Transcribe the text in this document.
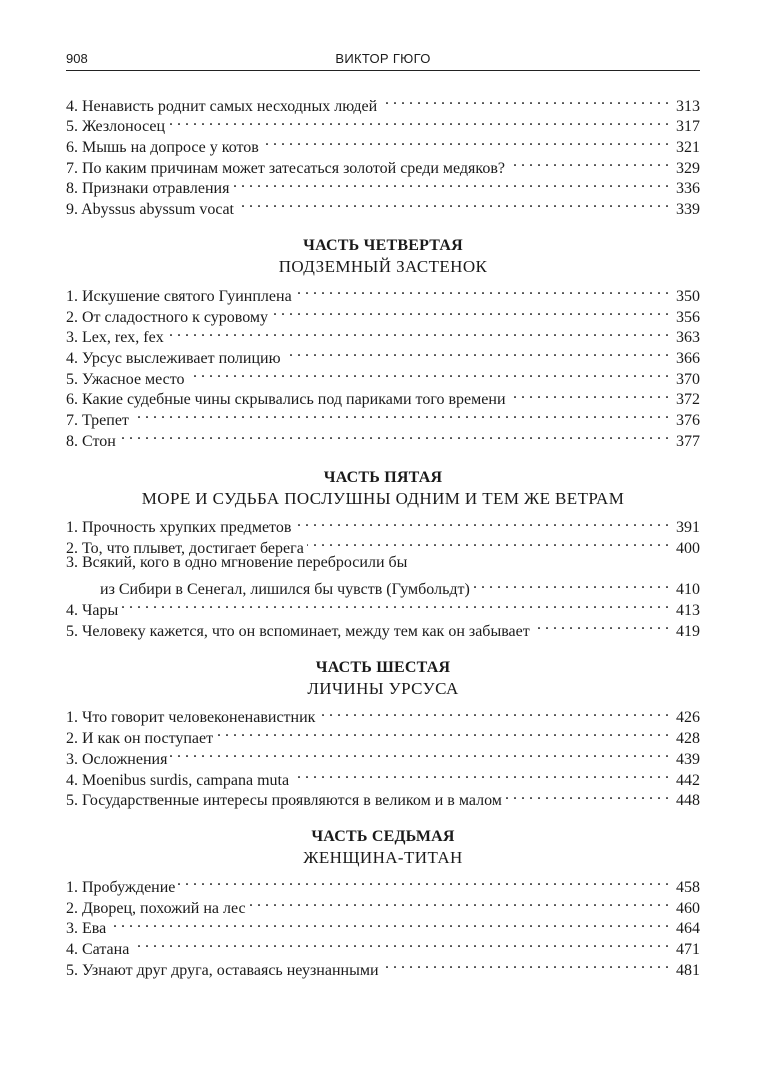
908	ВИКТОР ГЮГО
4. Ненависть роднит самых несходных людей . . .	313
5. Жезлоносец . . .	317
6. Мышь на допросе у котов . . .	321
7. По каким причинам может затесаться золотой среди медяков? . . .	329
8. Признаки отравления . . .	336
9. Abyssus abyssum vocat . . .	339
ЧАСТЬ ЧЕТВЕРТАЯ
ПОДЗЕМНЫЙ ЗАСТЕНОК
1. Искушение святого Гуинплена . . .	350
2. От сладостного к суровому . . .	356
3. Lex, rex, fex . . .	363
4. Урсус выслеживает полицию . . .	366
5. Ужасное место . . .	370
6. Какие судебные чины скрывались под париками того времени . . .	372
7. Трепет . . .	376
8. Стон . . .	377
ЧАСТЬ ПЯТАЯ
МОРЕ И СУДЬБА ПОСЛУШНЫ ОДНИМ И ТЕМ ЖЕ ВЕТРАМ
1. Прочность хрупких предметов . . .	391
2. То, что плывет, достигает берега . . .	400
3. Всякий, кого в одно мгновение перебросили бы
из Сибири в Сенегал, лишился бы чувств (Гумбольдт) . . .	410
4. Чары . . .	413
5. Человеку кажется, что он вспоминает, между тем как он забывает . . .	419
ЧАСТЬ ШЕСТАЯ
ЛИЧИНЫ УРСУСА
1. Что говорит человеконенавистник . . .	426
2. И как он поступает . . .	428
3. Осложнения . . .	439
4. Moenibus surdis, campana muta . . .	442
5. Государственные интересы проявляются в великом и в малом . . .	448
ЧАСТЬ СЕДЬМАЯ
ЖЕНЩИНА-ТИТАН
1. Пробуждение . . .	458
2. Дворец, похожий на лес . . .	460
3. Ева . . .	464
4. Сатана . . .	471
5. Узнают друг друга, оставаясь неузнанными . . .	481
